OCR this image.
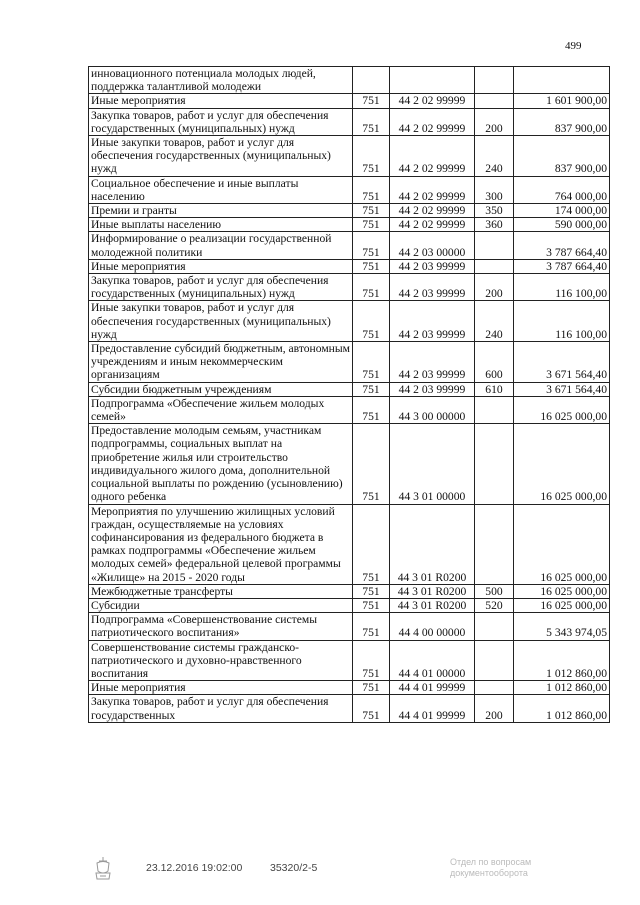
499
инновационного потенциала молодых людей, поддержка талантливой молодежи				
Иные мероприятия	751	44 2 02 99999		1 601 900,00
Закупка товаров, работ и услуг для обеспечения государственных (муниципальных) нужд	751	44 2 02 99999	200	837 900,00
Иные закупки товаров, работ и услуг для обеспечения государственных (муниципальных) нужд	751	44 2 02 99999	240	837 900,00
Социальное обеспечение и иные выплаты населению	751	44 2 02 99999	300	764 000,00
Премии и гранты	751	44 2 02 99999	350	174 000,00
Иные выплаты населению	751	44 2 02 99999	360	590 000,00
Информирование о реализации государственной молодежной политики	751	44 2 03 00000		3 787 664,40
Иные мероприятия	751	44 2 03 99999		3 787 664,40
Закупка товаров, работ и услуг для обеспечения государственных (муниципальных) нужд	751	44 2 03 99999	200	116 100,00
Иные закупки товаров, работ и услуг для обеспечения государственных (муниципальных) нужд	751	44 2 03 99999	240	116 100,00
Предоставление субсидий бюджетным, автономным учреждениям и иным некоммерческим организациям	751	44 2 03 99999	600	3 671 564,40
Субсидии бюджетным учреждениям	751	44 2 03 99999	610	3 671 564,40
Подпрограмма «Обеспечение жильем молодых семей»	751	44 3 00 00000		16 025 000,00
Предоставление молодым семьям, участникам подпрограммы, социальных выплат на приобретение жилья или строительство индивидуального жилого дома, дополнительной социальной выплаты по рождению (усыновлению) одного ребенка	751	44 3 01 00000		16 025 000,00
Мероприятия по улучшению жилищных условий граждан, осуществляемые на условиях софинансирования из федерального бюджета в рамках подпрограммы «Обеспечение жильем молодых семей» федеральной целевой программы «Жилище» на 2015 - 2020 годы	751	44 3 01 R0200		16 025 000,00
Межбюджетные трансферты	751	44 3 01 R0200	500	16 025 000,00
Субсидии	751	44 3 01 R0200	520	16 025 000,00
Подпрограмма «Совершенствование системы патриотического воспитания»	751	44 4 00 00000		5 343 974,05
Совершенствование системы гражданско-патриотического и духовно-нравственного воспитания	751	44 4 01 00000		1 012 860,00
Иные мероприятия	751	44 4 01 99999		1 012 860,00
Закупка товаров, работ и услуг для обеспечения государственных	751	44 4 01 99999	200	1 012 860,00
23.12.2016 19:02:00	35320/2-5	Отдел по вопросам документооборота
